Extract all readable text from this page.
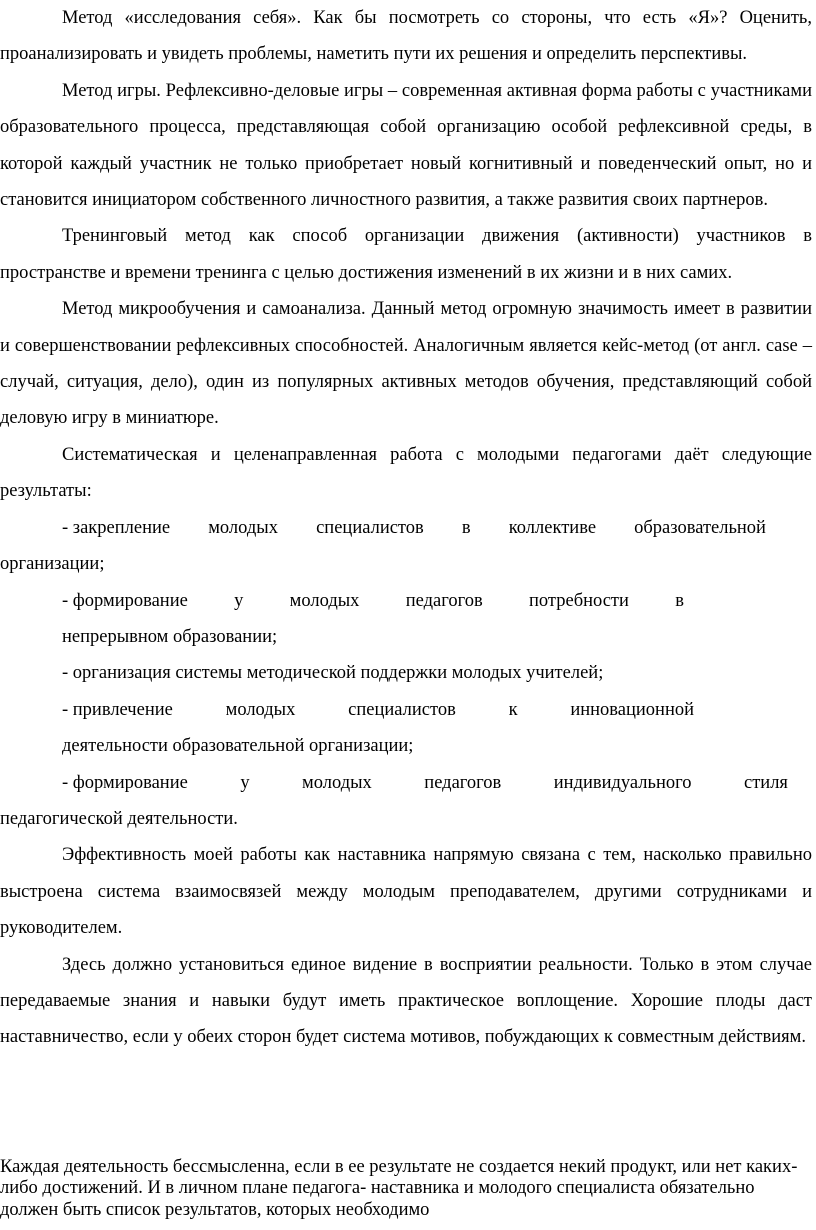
Метод «исследования себя». Как бы посмотреть со стороны, что есть «Я»? Оценить, проанализировать и увидеть проблемы, наметить пути их решения и определить перспективы.

Метод игры. Рефлексивно-деловые игры – современная активная форма работы с участниками образовательного процесса, представляющая собой организацию особой рефлексивной среды, в которой каждый участник не только приобретает новый когнитивный и поведенческий опыт, но и становится инициатором собственного личностного развития, а также развития своих партнеров.

Тренинговый метод как способ организации движения (активности) участников в пространстве и времени тренинга с целью достижения изменений в их жизни и в них самих.

Метод микрообучения и самоанализа. Данный метод огромную значимость имеет в развитии и совершенствовании рефлексивных способностей. Аналогичным является кейс-метод (от англ. case – случай, ситуация, дело), один из популярных активных методов обучения, представляющий собой деловую игру в миниатюре.

Систематическая и целенаправленная работа с молодыми педагогами даёт следующие результаты:

- закрепление молодых специалистов в коллективе образовательной
организации;
- формирование	у	молодых	педагогов	потребности	в
непрерывном образовании;
- организация системы методической поддержки молодых учителей;
- привлечение	молодых	специалистов	к	инновационной
деятельности образовательной организации;
- формирование	у	молодых	педагогов	индивидуального	стиля
педагогической деятельности.

Эффективность моей работы как наставника напрямую связана с тем, насколько правильно выстроена система взаимосвязей между молодым преподавателем, другими сотрудниками и руководителем.

Здесь должно установиться единое видение в восприятии реальности. Только в этом случае передаваемые знания и навыки будут иметь практическое воплощение. Хорошие плоды даст наставничество, если у обеих сторон будет система мотивов, побуждающих к совместным действиям.

Каждая деятельность бессмысленна, если в ее результате не создается некий продукт, или нет каких-либо достижений. И в личном плане педагога- наставника и молодого специалиста обязательно должен быть список результатов, которых необходимо
